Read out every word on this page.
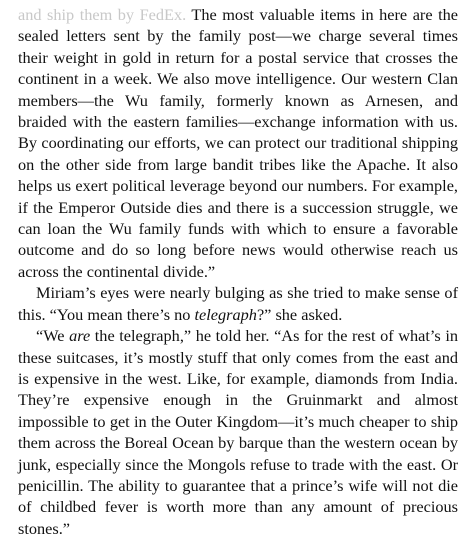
and ship them by FedEx. The most valuable items in here are the sealed letters sent by the family post—we charge several times their weight in gold in return for a postal service that crosses the continent in a week. We also move intelligence. Our western Clan members—the Wu family, formerly known as Arnesen, and braided with the eastern families—exchange information with us. By coordinating our efforts, we can protect our traditional shipping on the other side from large bandit tribes like the Apache. It also helps us exert political leverage beyond our numbers. For example, if the Emperor Outside dies and there is a succession struggle, we can loan the Wu family funds with which to ensure a favorable outcome and do so long before news would otherwise reach us across the continental divide.”

Miriam’s eyes were nearly bulging as she tried to make sense of this. “You mean there’s no telegraph?” she asked.

“We are the telegraph,” he told her. “As for the rest of what’s in these suitcases, it’s mostly stuff that only comes from the east and is expensive in the west. Like, for example, diamonds from India. They’re expensive enough in the Gruinmarkt and almost impossible to get in the Outer Kingdom—it’s much cheaper to ship them across the Boreal Ocean by barque than the western ocean by junk, especially since the Mongols refuse to trade with the east. Or penicillin. The ability to guarantee that a prince’s wife will not die of childbed fever is worth more than any amount of precious stones.”
